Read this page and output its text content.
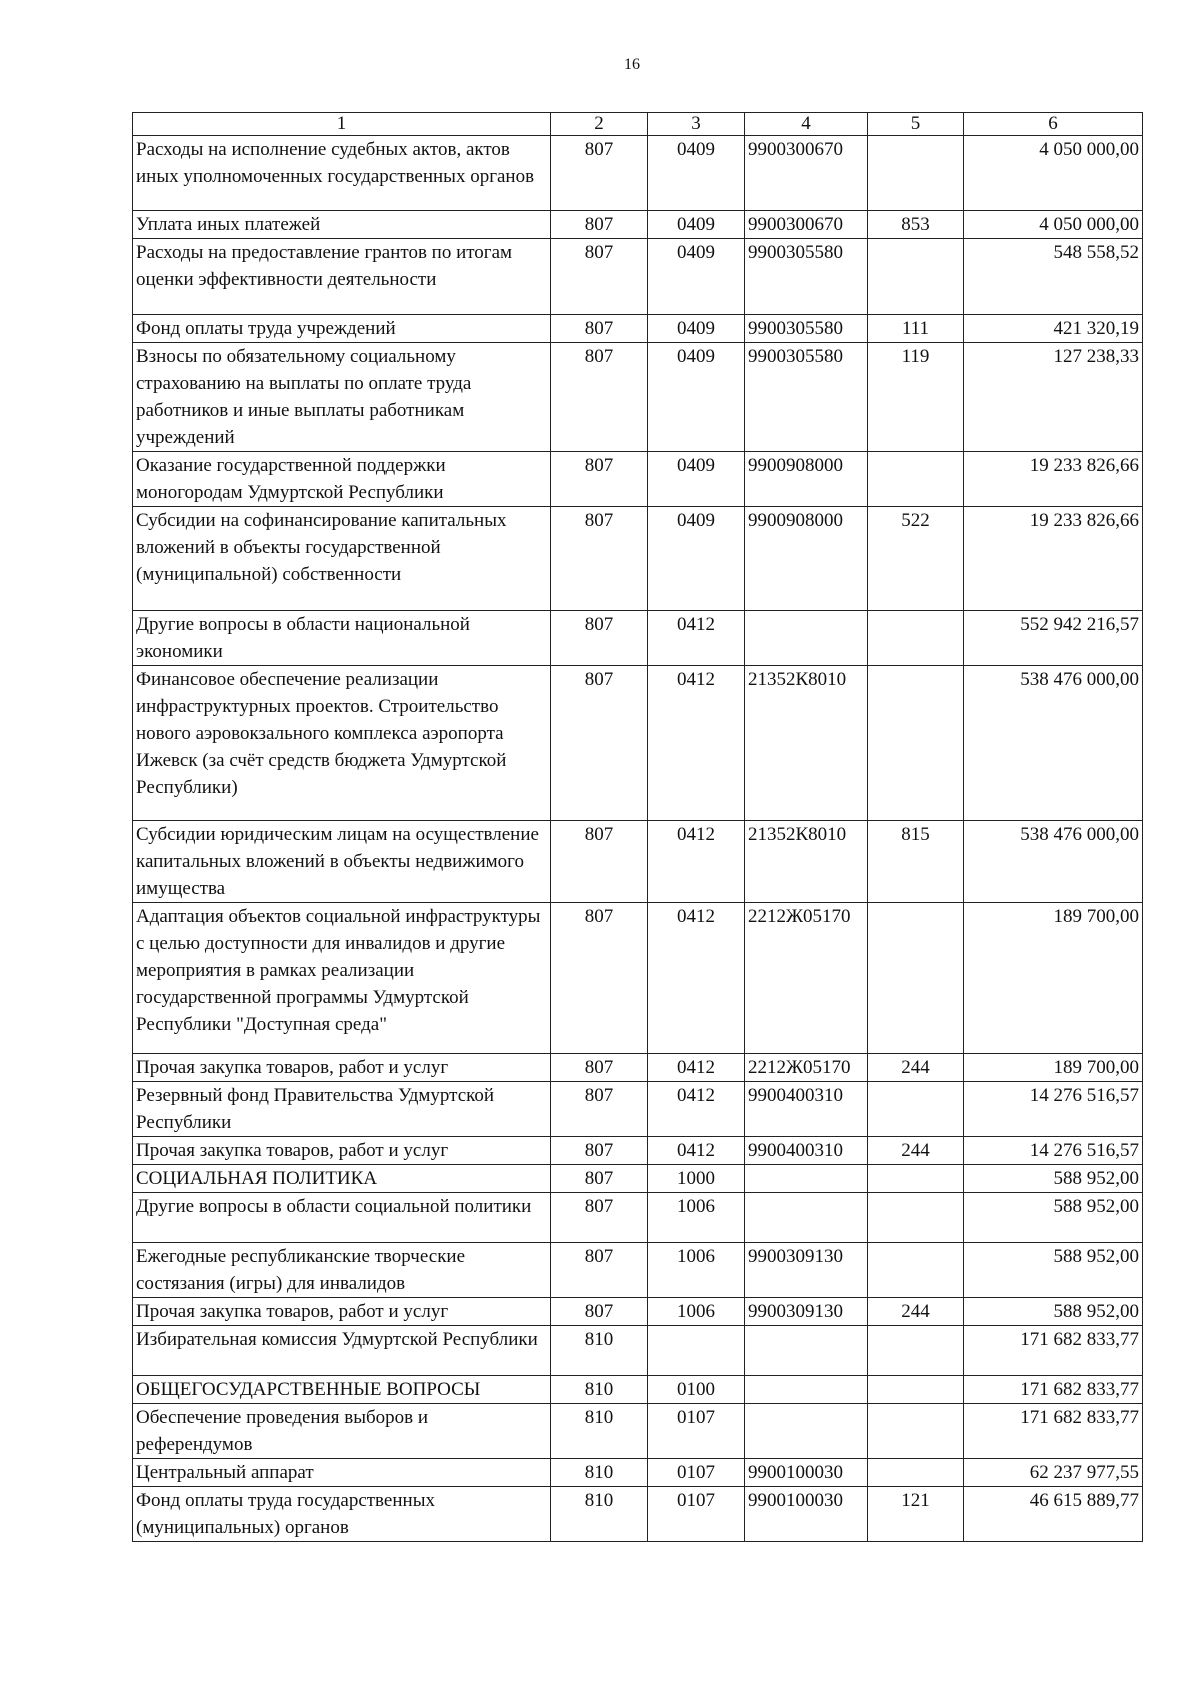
16
1	2	3	4	5	6
Расходы на исполнение судебных актов, актов иных уполномоченных государственных органов	807	0409	9900300670		4 050 000,00
Уплата иных платежей	807	0409	9900300670	853	4 050 000,00
Расходы на предоставление грантов по итогам оценки эффективности деятельности	807	0409	9900305580		548 558,52
Фонд оплаты труда учреждений	807	0409	9900305580	111	421 320,19
Взносы по обязательному социальному страхованию на выплаты по оплате труда работников и иные выплаты работникам учреждений	807	0409	9900305580	119	127 238,33
Оказание государственной поддержки моногородам Удмуртской Республики	807	0409	9900908000		19 233 826,66
Субсидии на софинансирование капитальных вложений в объекты государственной (муниципальной) собственности	807	0409	9900908000	522	19 233 826,66
Другие вопросы в области национальной экономики	807	0412			552 942 216,57
Финансовое обеспечение реализации инфраструктурных проектов. Строительство нового аэровокзального комплекса аэропорта Ижевск (за счёт средств бюджета Удмуртской Республики)	807	0412	21352К8010		538 476 000,00
Субсидии юридическим лицам на осуществление капитальных вложений в объекты недвижимого имущества	807	0412	21352К8010	815	538 476 000,00
Адаптация объектов социальной инфраструктуры с целью доступности для инвалидов и другие мероприятия в рамках реализации государственной программы Удмуртской Республики "Доступная среда"	807	0412	2212Ж05170		189 700,00
Прочая закупка товаров, работ и услуг	807	0412	2212Ж05170	244	189 700,00
Резервный фонд Правительства Удмуртской Республики	807	0412	9900400310		14 276 516,57
Прочая закупка товаров, работ и услуг	807	0412	9900400310	244	14 276 516,57
СОЦИАЛЬНАЯ ПОЛИТИКА	807	1000			588 952,00
Другие вопросы в области социальной политики	807	1006			588 952,00
Ежегодные республиканские творческие состязания (игры) для инвалидов	807	1006	9900309130		588 952,00
Прочая закупка товаров, работ и услуг	807	1006	9900309130	244	588 952,00
Избирательная комиссия Удмуртской Республики	810				171 682 833,77
ОБЩЕГОСУДАРСТВЕННЫЕ ВОПРОСЫ	810	0100			171 682 833,77
Обеспечение проведения выборов и референдумов	810	0107			171 682 833,77
Центральный аппарат	810	0107	9900100030		62 237 977,55
Фонд оплаты труда государственных (муниципальных) органов	810	0107	9900100030	121	46 615 889,77
